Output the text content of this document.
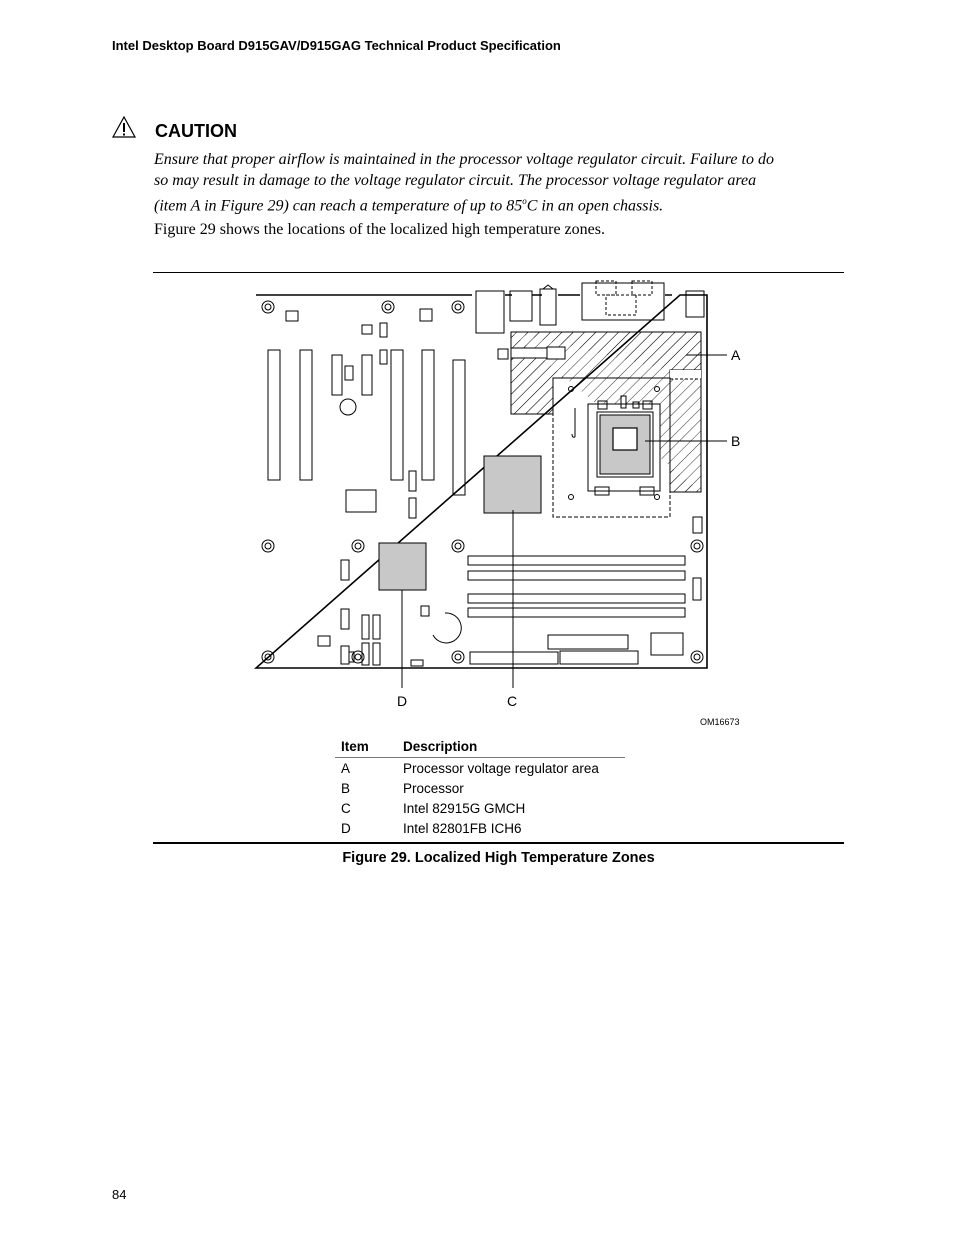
Intel Desktop Board D915GAV/D915GAG Technical Product Specification
CAUTION
Ensure that proper airflow is maintained in the processor voltage regulator circuit. Failure to do
so may result in damage to the voltage regulator circuit. The processor voltage regulator area
(item A in Figure 29) can reach a temperature of up to 85$^o$C in an open chassis.
Figure 29 shows the locations of the localized high temperature zones.
A
B
C
D
OM16673
Item	Description
A	Processor voltage regulator area
B	Processor
C	Intel 82915G GMCH
D	Intel 82801FB ICH6
Figure 29. Localized High Temperature Zones
84
